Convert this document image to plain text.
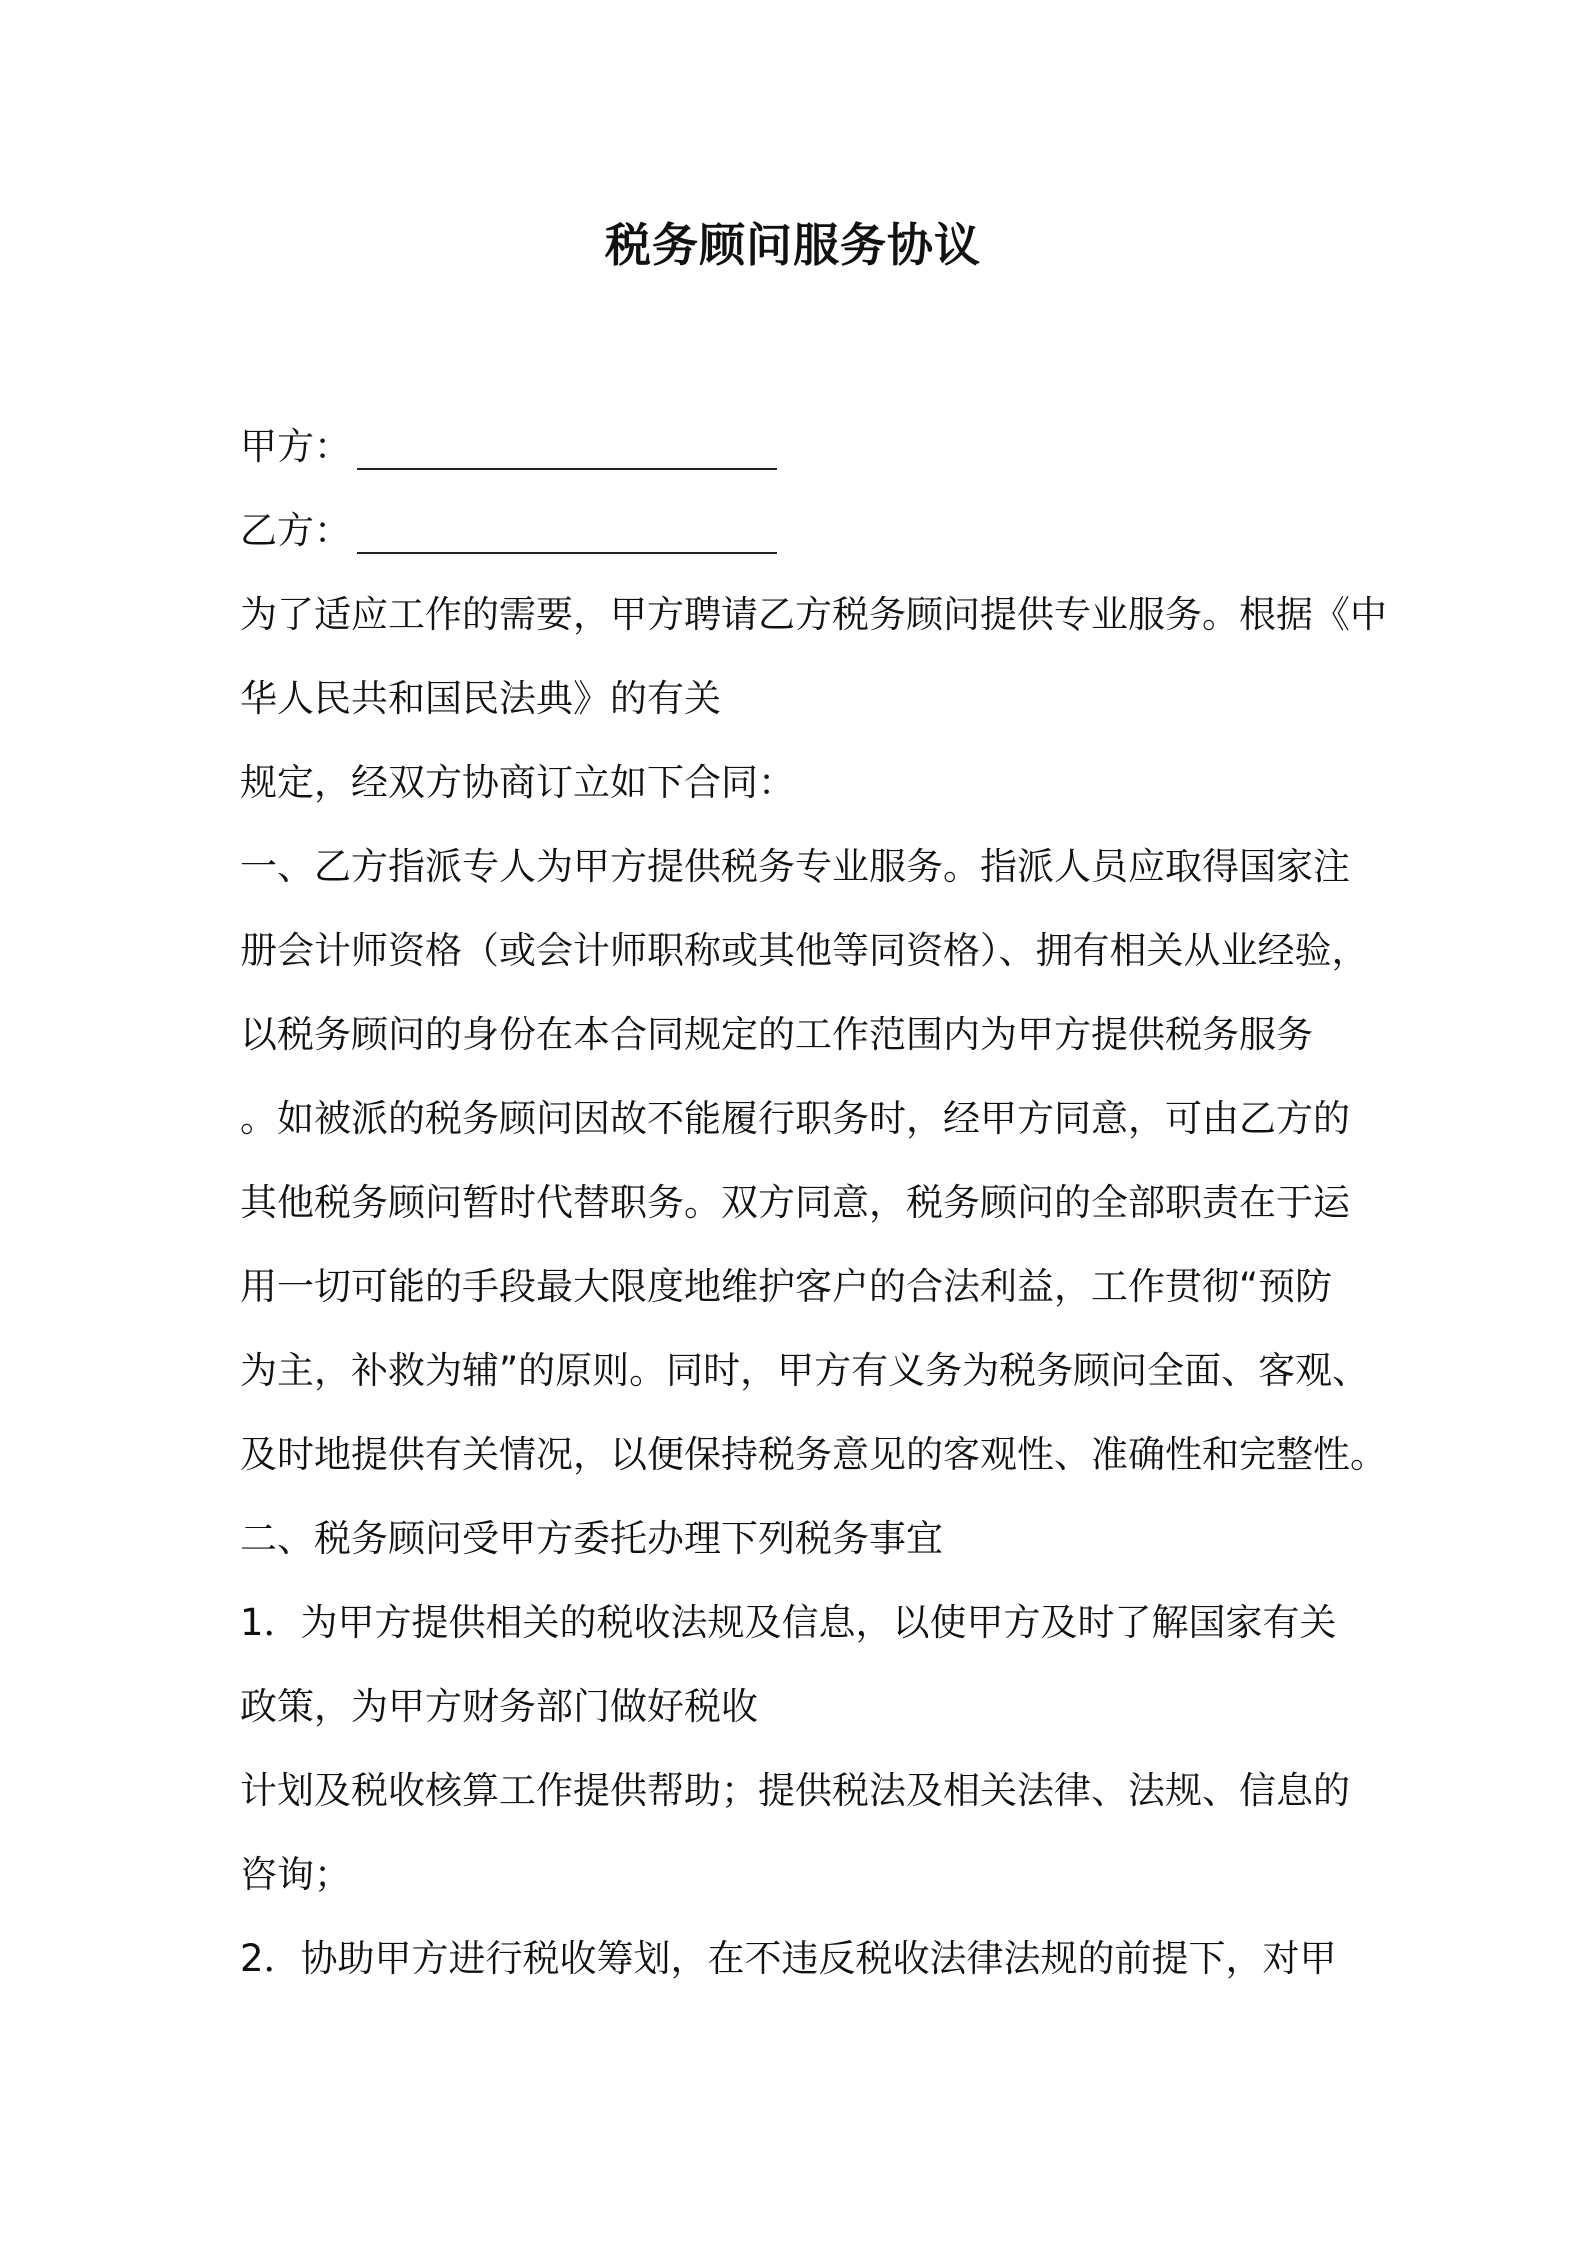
税务顾问服务协议
甲方：
乙方：
为了适应工作的需要，甲方聘请乙方税务顾问提供专业服务。根据《中
华人民共和国民法典》的有关
规定，经双方协商订立如下合同：
一、乙方指派专人为甲方提供税务专业服务。指派人员应取得国家注
册会计师资格（或会计师职称或其他等同资格）、拥有相关从业经验，
以税务顾问的身份在本合同规定的工作范围内为甲方提供税务服务
。如被派的税务顾问因故不能履行职务时，经甲方同意，可由乙方的
其他税务顾问暂时代替职务。双方同意，税务顾问的全部职责在于运
用一切可能的手段最大限度地维护客户的合法利益，工作贯彻“预防
为主，补救为辅”的原则。同时，甲方有义务为税务顾问全面、客观、
及时地提供有关情况，以便保持税务意见的客观性、准确性和完整性。
二、税务顾问受甲方委托办理下列税务事宜
1．为甲方提供相关的税收法规及信息，以使甲方及时了解国家有关
政策，为甲方财务部门做好税收
计划及税收核算工作提供帮助；提供税法及相关法律、法规、信息的
咨询；
2．协助甲方进行税收筹划，在不违反税收法律法规的前提下，对甲
